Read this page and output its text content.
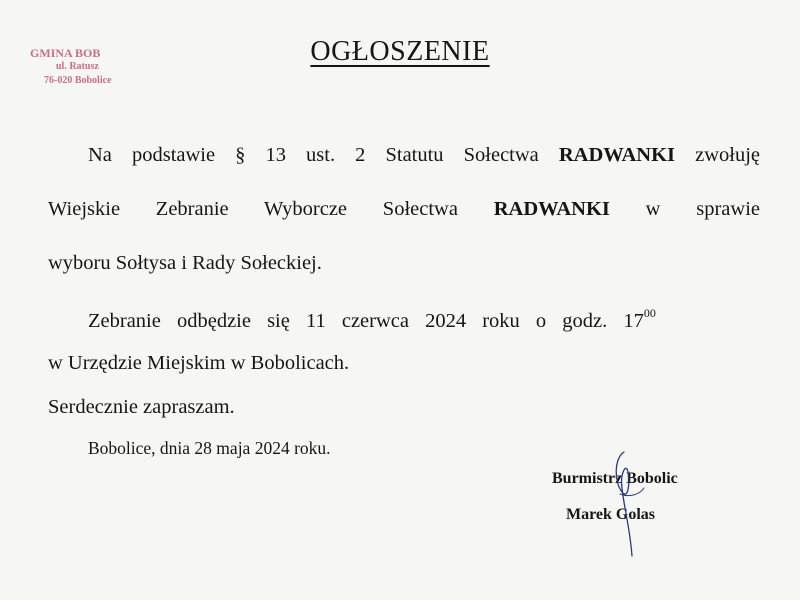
GMINA BOB
ul. Ratusz
76-020 Bobolice
OGŁOSZENIE
Na podstawie § 13 ust. 2 Statutu Sołectwa RADWANKI zwołuję
Wiejskie Zebranie Wyborcze Sołectwa RADWANKI w sprawie
wyboru Sołtysa i Rady Sołeckiej.
Zebranie odbędzie się 11 czerwca 2024 roku o godz. $17^{00}$
w Urzędzie Miejskim w Bobolicach.
Serdecznie zapraszam.
Bobolice, dnia 28 maja 2024 roku.
Burmistrz Bobolic
Marek Golas
